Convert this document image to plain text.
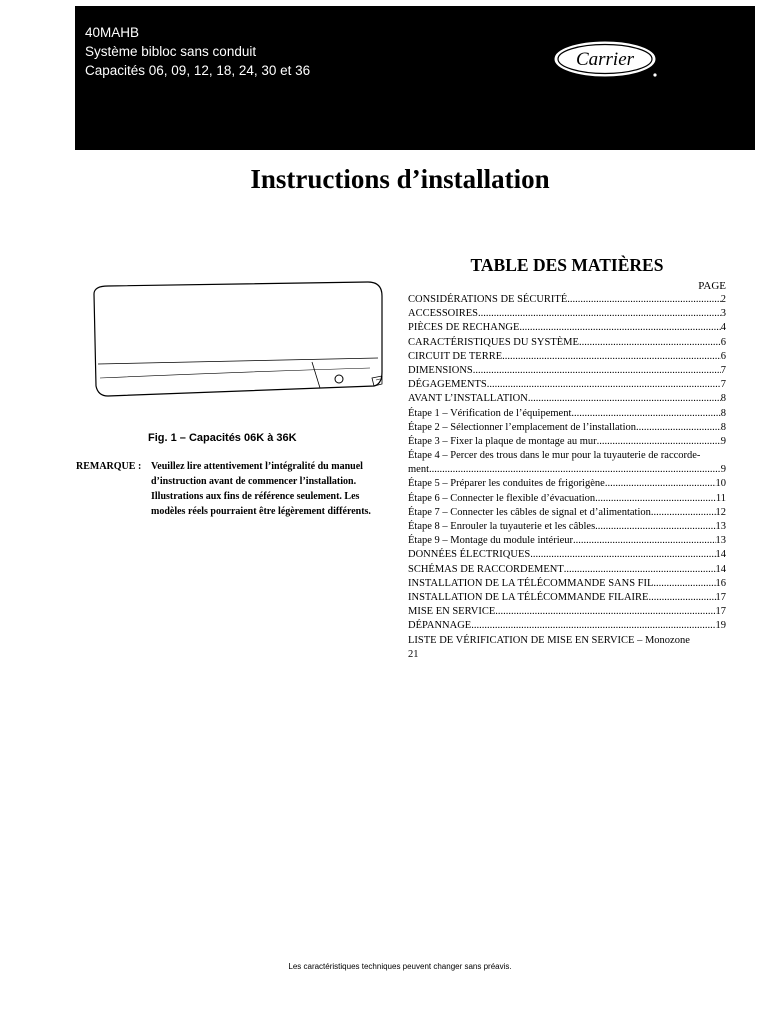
40MAHB
Système bibloc sans conduit
Capacités 06, 09, 12, 18, 24, 30 et 36
Carrier
Instructions d’installation
Fig. 1 – Capacités 06K à 36K
REMARQUE : Veuillez lire attentivement l’intégralité du manuel d’instruction avant de commencer l’installation. Illustrations aux fins de référence seulement. Les modèles réels pourraient être légèrement différents.
TABLE DES MATIÈRES
PAGE
CONSIDÉRATIONS DE SÉCURITÉ .....	2
ACCESSOIRES .....	3
PIÈCES DE RECHANGE .....	4
CARACTÉRISTIQUES DU SYSTÈME .....	6
CIRCUIT DE TERRE .....	6
DIMENSIONS .....	7
DÉGAGEMENTS .....	7
AVANT L’INSTALLATION .....	8
Étape 1 – Vérification de l’équipement .....	8
Étape 2 – Sélectionner l’emplacement de l’installation .....	8
Étape 3 – Fixer la plaque de montage au mur .....	9
Étape 4 – Percer des trous dans le mur pour la tuyauterie de raccorde-
ment .....	9
Étape 5 – Préparer les conduites de frigorigène .....	10
Étape 6 – Connecter le flexible d’évacuation .....	11
Étape 7 – Connecter les câbles de signal et d’alimentation .....	12
Étape 8 – Enrouler la tuyauterie et les câbles .....	13
Étape 9 – Montage du module intérieur .....	13
DONNÉES ÉLECTRIQUES .....	14
SCHÉMAS DE RACCORDEMENT .....	14
INSTALLATION DE LA TÉLÉCOMMANDE SANS FIL .....	16
INSTALLATION DE LA TÉLÉCOMMANDE FILAIRE .....	17
MISE EN SERVICE .....	17
DÉPANNAGE .....	19
LISTE DE VÉRIFICATION DE MISE EN SERVICE – Monozone
21
Les caractéristiques techniques peuvent changer sans préavis.
